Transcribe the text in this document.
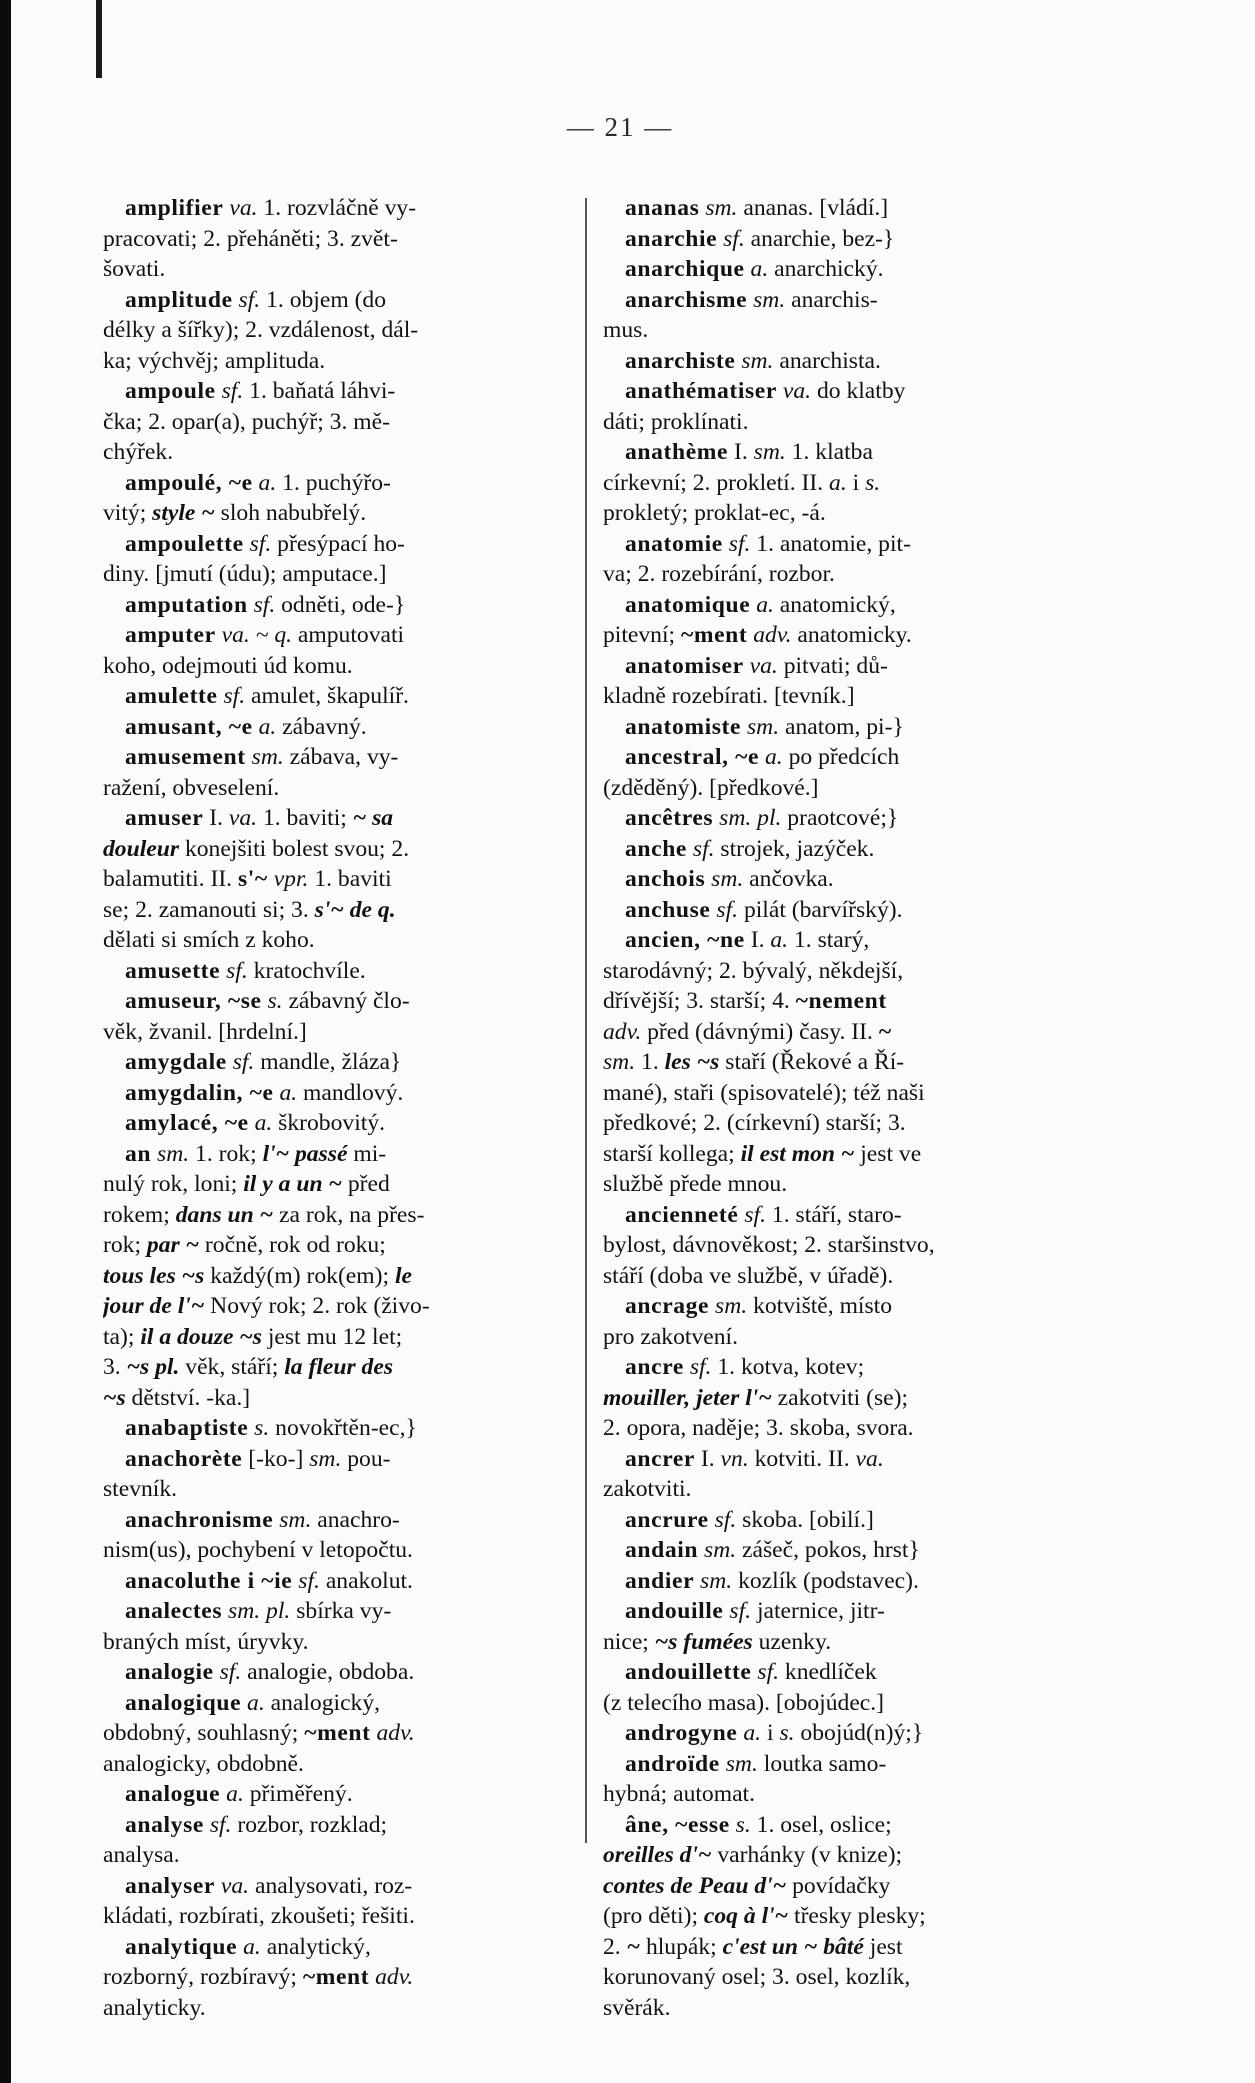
— 21 —
amplifier va. 1. rozvláčně vy-
pracovati; 2. přeháněti; 3. zvět-
šovati.
amplitude sf. 1. objem (do
délky a šířky); 2. vzdálenost, dál-
ka; výchvěj; amplituda.
ampoule sf. 1. baňatá láhvi-
čka; 2. opar(a), puchýř; 3. mě-
chýřek.
ampoulé, ~e a. 1. puchýřo-
vitý; style ~ sloh nabubřelý.
ampoulette sf. přesýpací ho-
diny. [jmutí (údu); amputace.]
amputation sf. odněti, ode-}
amputer va. ~ q. amputovati
koho, odejmouti úd komu.
amulette sf. amulet, škapulíř.
amusant, ~e a. zábavný.
amusement sm. zábava, vy-
ražení, obveselení.
amuser I. va. 1. baviti; ~ sa
douleur konejšiti bolest svou; 2.
balamutiti. II. s'~ vpr. 1. baviti
se; 2. zamanouti si; 3. s'~ de q.
dělati si smích z koho.
amusette sf. kratochvíle.
amuseur, ~se s. zábavný člo-
věk, žvanil. [hrdelní.]
amygdale sf. mandle, žláza}
amygdalin, ~e a. mandlový.
amylacé, ~e a. škrobovitý.
an sm. 1. rok; l'~ passé mi-
nulý rok, loni; il y a un ~ před
rokem; dans un ~ za rok, na přes-
rok; par ~ ročně, rok od roku;
tous les ~s každý(m) rok(em); le
jour de l'~ Nový rok; 2. rok (živo-
ta); il a douze ~s jest mu 12 let;
3. ~s pl. věk, stáří; la fleur des
~s dětství. -ka.]
anabaptiste s. novokřtěn-ec,}
anachorète [-ko-] sm. pou-
stevník.
anachronisme sm. anachro-
nism(us), pochybení v letopočtu.
anacoluthe i ~ie sf. anakolut.
analectes sm. pl. sbírka vy-
braných míst, úryvky.
analogie sf. analogie, obdoba.
analogique a. analogický,
obdobný, souhlasný; ~ment adv.
analogicky, obdobně.
analogue a. přiměřený.
analyse sf. rozbor, rozklad;
analysa.
analyser va. analysovati, roz-
kládati, rozbírati, zkoušeti; řešiti.
analytique a. analytický,
rozborný, rozbíravý; ~ment adv.
analyticky.
ananas sm. ananas. [vládí.]
anarchie sf. anarchie, bez-}
anarchique a. anarchický.
anarchisme sm. anarchis-
mus.
anarchiste sm. anarchista.
anathématiser va. do klatby
dáti; proklínati.
anathème I. sm. 1. klatba
církevní; 2. prokletí. II. a. i s.
prokletý; proklat-ec, -á.
anatomie sf. 1. anatomie, pit-
va; 2. rozebírání, rozbor.
anatomique a. anatomický,
pitevní; ~ment adv. anatomicky.
anatomiser va. pitvati; dů-
kladně rozebírati. [tevník.]
anatomiste sm. anatom, pi-}
ancestral, ~e a. po předcích
(zděděný). [předkové.]
ancêtres sm. pl. praotcové;}
anche sf. strojek, jazýček.
anchois sm. ančovka.
anchuse sf. pilát (barvířský).
ancien, ~ne I. a. 1. starý,
starodávný; 2. bývalý, někdejší,
dřívější; 3. starší; 4. ~nement
adv. před (dávnými) časy. II. ~
sm. 1. les ~s staří (Řekové a Ří-
mané), staři (spisovatelé); též naši
předkové; 2. (církevní) starší; 3.
starší kollega; il est mon ~ jest ve
službě přede mnou.
ancienneté sf. 1. stáří, staro-
bylost, dávnověkost; 2. staršinstvo,
stáří (doba ve službě, v úřadě).
ancrage sm. kotviště, místo
pro zakotvení.
ancre sf. 1. kotva, kotev;
mouiller, jeter l'~ zakotviti (se);
2. opora, naděje; 3. skoba, svora.
ancrer I. vn. kotviti. II. va.
zakotviti.
ancrure sf. skoba. [obilí.]
andain sm. zášeč, pokos, hrst}
andier sm. kozlík (podstavec).
andouille sf. jaternice, jitr-
nice; ~s fumées uzenky.
andouillette sf. knedlíček
(z telecího masa). [obojúdec.]
androgyne a. i s. obojúd(n)ý;}
androïde sm. loutka samo-
hybná; automat.
âne, ~esse s. 1. osel, oslice;
oreilles d'~ varhánky (v knize);
contes de Peau d'~ povídačky
(pro děti); coq à l'~ třesky plesky;
2. ~ hlupák; c'est un ~ bâté jest
korunovaný osel; 3. osel, kozlík,
svěrák.
